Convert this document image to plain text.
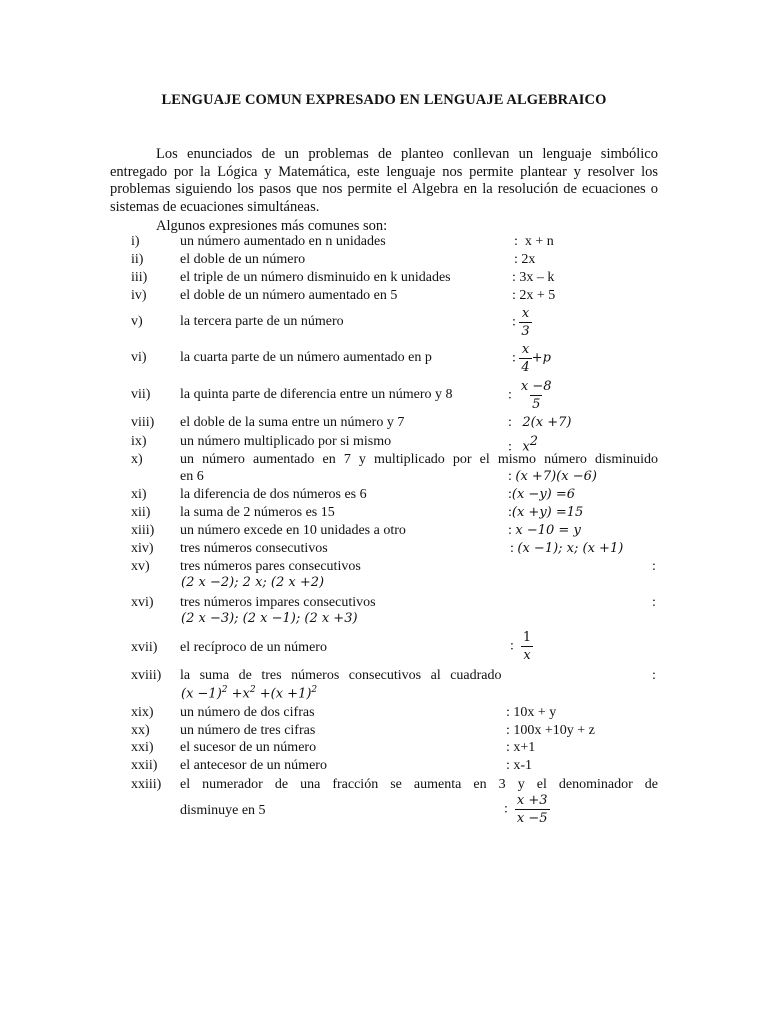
LENGUAJE COMUN EXPRESADO EN LENGUAJE ALGEBRAICO
Los enunciados de un problemas de planteo conllevan un lenguaje simbólico entregado por la Lógica y Matemática, este lenguaje nos permite plantear y resolver los problemas siguiendo los pasos que nos permite el Algebra en la resolución de ecuaciones o sistemas de ecuaciones simultáneas.
Algunos expresiones más comunes son:
i)	un número aumentado en n unidades	: x + n
ii)	el doble de un número	: 2x
iii) el triple de un número disminuido en k unidades	: 3x – k
iv) el doble de un número aumentado en 5	: 2x + 5
v)	la tercera parte de un número	: $\frac{x}{3}$
vi) la cuarta parte de un número aumentado en p	: $\frac{x}{4} +p$
vii) la quinta parte de diferencia entre un número y 8	: $\frac{x -8}{5}$
viii) el doble de la suma entre un número y 7	: 2(x +7)
ix) un número multiplicado por si mismo	: $x^2$
x)	un número aumentado en 7 y multiplicado por el mismo número disminuido
en 6	: (x +7)(x −6)
xi) la diferencia de dos números es 6	:(x −y) =6
xii) la suma de 2 números es 15	:(x +y) =15
xiii) un número excede en 10 unidades a otro	: x −10 = y
xiv) tres números consecutivos	: (x −1); x; (x +1)
xv) tres números pares consecutivos	:
(2 x −2); 2 x; (2 x +2)
xvi) tres números impares consecutivos	:
(2 x −3); (2 x −1); (2 x +3)
xvii) el recíproco de un número	: $\frac{1}{x}$
xviii) la suma de tres números consecutivos al cuadrado	:
$(x -1)^2 +x^2 +(x +1)^2$
xix) un número de dos cifras	: 10x + y
xx) un número de tres cifras	: 100x +10y + z
xxi) el sucesor de un número	: x+1
xxii) el antecesor de un número	: x-1
xxiii) el numerador de una fracción se aumenta en 3 y el denominador de
disminuye en 5	: $\frac{x +3}{x -5}$
